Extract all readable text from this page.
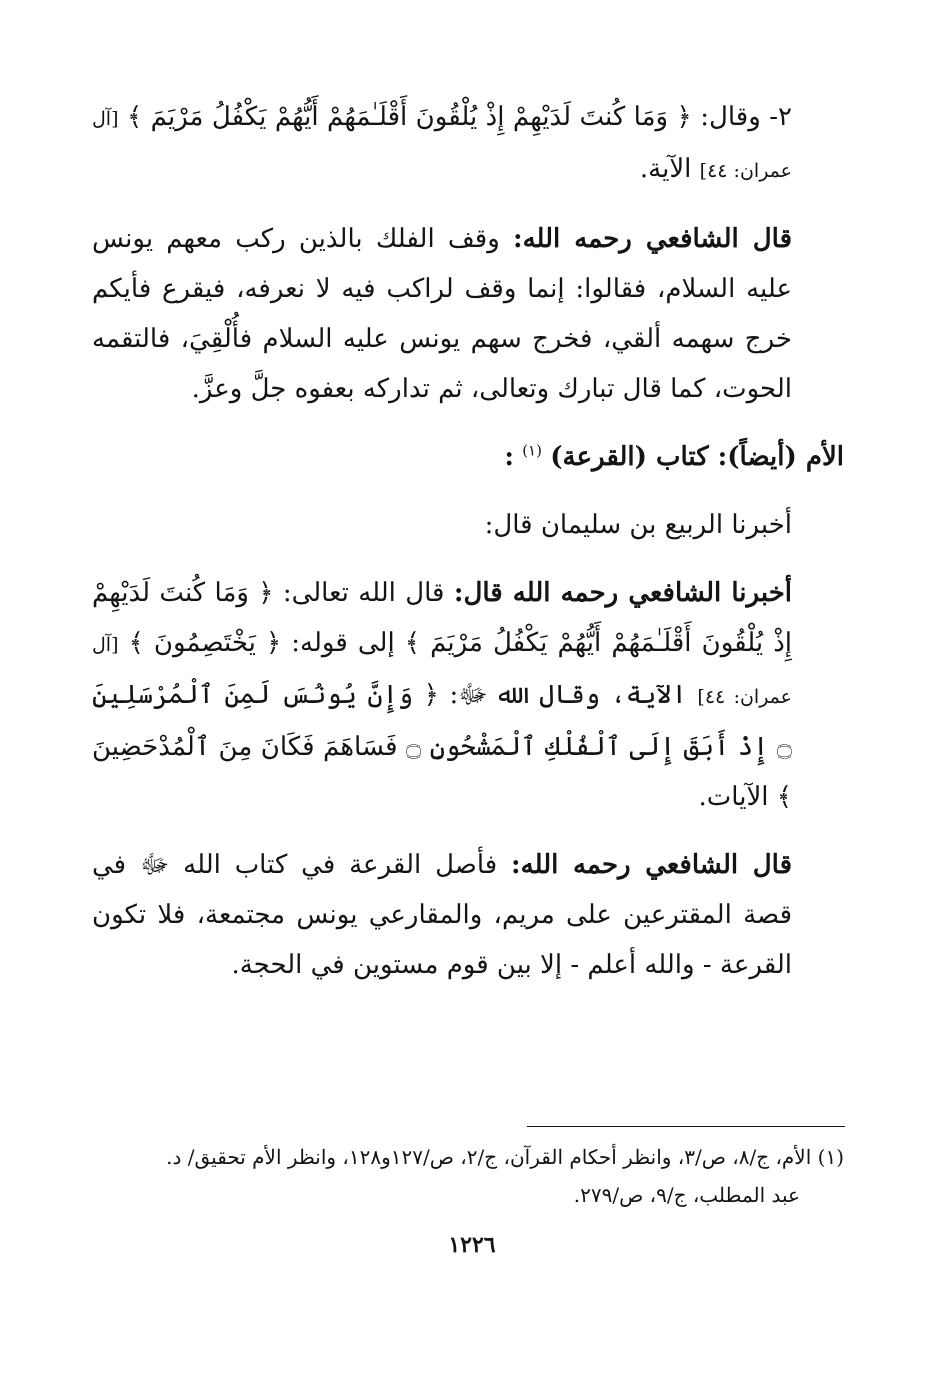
٢- وقال: ﴿ وَمَا كُنتَ لَدَيْهِمْ إِذْ يُلْقُونَ أَقْلَـٰمَهُمْ أَيُّهُمْ يَكْفُلُ مَرْيَمَ ﴾ [آل عمران: ٤٤] الآية.

قال الشافعي رحمه الله: وقف الفلك بالذين ركب معهم يونس عليه السلام، فقالوا: إنما وقف لراكب فيه لا نعرفه، فيقرع فأيكم خرج سهمه ألقي، فخرج سهم يونس عليه السلام فأُلْقِيَ، فالتقمه الحوت، كما قال تبارك وتعالى، ثم تداركه بعفوه جلَّ وعزَّ.

الأم (أيضاً): كتاب (القرعة) $^{(١)}$ :

أخبرنا الربيع بن سليمان قال:

أخبرنا الشافعي رحمه الله قال: قال الله تعالى: ﴿ وَمَا كُنتَ لَدَيْهِمْ إِذْ يُلْقُونَ أَقْلَـٰمَهُمْ أَيُّهُمْ يَكْفُلُ مَرْيَمَ ﴾ إلى قوله: ﴿ يَخْتَصِمُونَ ﴾ [آل عمران: ٤٤] الآية، وقال الله ﷻ: ﴿ وَإِنَّ يُونُسَ لَمِنَ ٱلْمُرْسَلِينَ ۝ إِذْ أَبَقَ إِلَى ٱلْفُلْكِ ٱلْمَشْحُونِ ۝ فَسَاهَمَ فَكَانَ مِنَ ٱلْمُدْحَضِينَ ﴾ الآيات.

قال الشافعي رحمه الله: فأصل القرعة في كتاب الله ﷻ في قصة المقترعين على مريم، والمقارعي يونس مجتمعة، فلا تكون القرعة - والله أعلم - إلا بين قوم مستوين في الحجة.

(١) الأم، ج/٨، ص/٣، وانظر أحكام القرآن، ج/٢، ص/١٢٧و١٢٨، وانظر الأم تحقيق/ د.
عبد المطلب، ج/٩، ص/٢٧٩.
١٢٢٦
